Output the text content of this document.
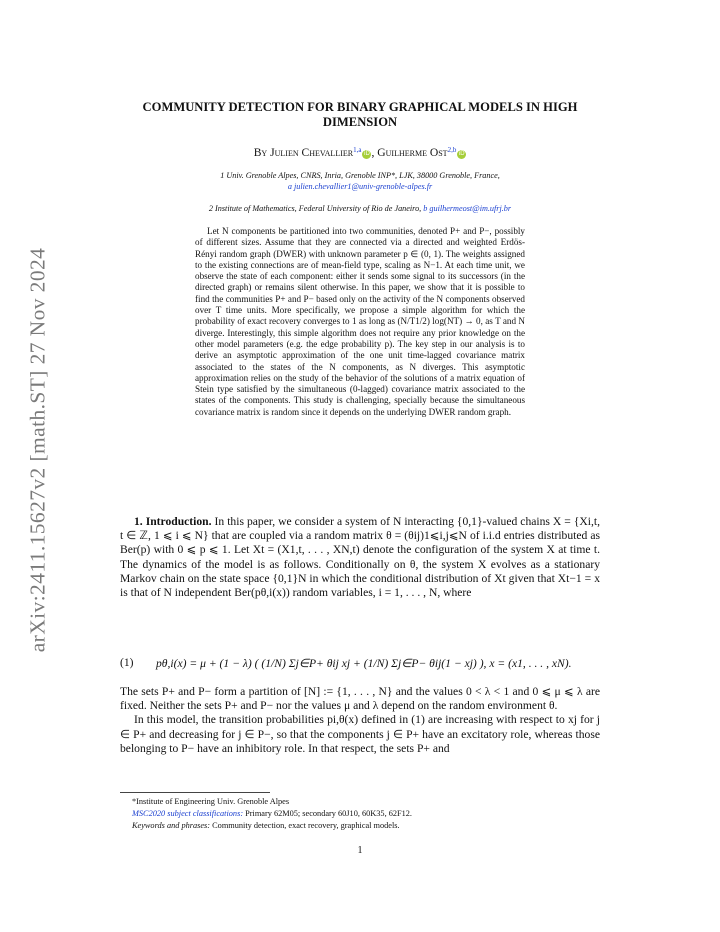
arXiv:2411.15627v2 [math.ST] 27 Nov 2024
COMMUNITY DETECTION FOR BINARY GRAPHICAL MODELS IN HIGH
DIMENSION
By Julien Chevallier$^{1,a}$ iD , Guilherme Ost$^{2,b}$ iD
1 Univ. Grenoble Alpes, CNRS, Inria, Grenoble INP*, LJK, 38000 Grenoble, France,
a julien.chevallier1@univ-grenoble-alpes.fr
2 Institute of Mathematics, Federal University of Rio de Janeiro, b guilhermeost@im.ufrj.br

Let N components be partitioned into two communities, denoted P+ and P−, possibly of different sizes. Assume that they are connected via a directed and weighted Erdös-Rényi random graph (DWER) with unknown parameter p ∈ (0, 1). The weights assigned to the existing connections are of mean-field type, scaling as N−1. At each time unit, we observe the state of each component: either it sends some signal to its successors (in the directed graph) or remains silent otherwise. In this paper, we show that it is possible to find the communities P+ and P− based only on the activity of the N components observed over T time units. More specifically, we propose a simple algorithm for which the probability of exact recovery converges to 1 as long as (N/T1/2) log(NT) → 0, as T and N diverge. Interestingly, this simple algorithm does not require any prior knowledge on the other model parameters (e.g. the edge probability p). The key step in our analysis is to derive an asymptotic approximation of the one unit time-lagged covariance matrix associated to the states of the N components, as N diverges. This asymptotic approximation relies on the study of the behavior of the solutions of a matrix equation of Stein type satisfied by the simultaneous (0-lagged) covariance matrix associated to the states of the components. This study is challenging, specially because the simultaneous covariance matrix is random since it depends on the underlying DWER random graph.

1. Introduction. In this paper, we consider a system of N interacting {0,1}-valued chains X = {Xi,t, t ∈ ℤ, 1 ⩽ i ⩽ N} that are coupled via a random matrix θ = (θij)1⩽i,j⩽N of i.i.d entries distributed as Ber(p) with 0 ⩽ p ⩽ 1. Let Xt = (X1,t, . . . , XN,t) denote the configuration of the system X at time t. The dynamics of the model is as follows. Conditionally on θ, the system X evolves as a stationary Markov chain on the state space {0,1}N in which the conditional distribution of Xt given that Xt−1 = x is that of N independent Ber(pθ,i(x)) random variables, i = 1, . . . , N, where

(1) pθ,i(x) = μ + (1 − λ) ( (1/N) Σj∈P+ θij xj + (1/N) Σj∈P− θij(1 − xj) ), x = (x1, . . . , xN).

The sets P+ and P− form a partition of [N] := {1, . . . , N} and the values 0 < λ < 1 and 0 ⩽ μ ⩽ λ are fixed. Neither the sets P+ and P− nor the values μ and λ depend on the random environment θ.

In this model, the transition probabilities pi,θ(x) defined in (1) are increasing with respect to xj for j ∈ P+ and decreasing for j ∈ P−, so that the components j ∈ P+ have an excitatory role, whereas those belonging to P− have an inhibitory role. In that respect, the sets P+ and

*Institute of Engineering Univ. Grenoble Alpes
MSC2020 subject classifications: Primary 62M05; secondary 60J10, 60K35, 62F12.
Keywords and phrases: Community detection, exact recovery, graphical models.
1
